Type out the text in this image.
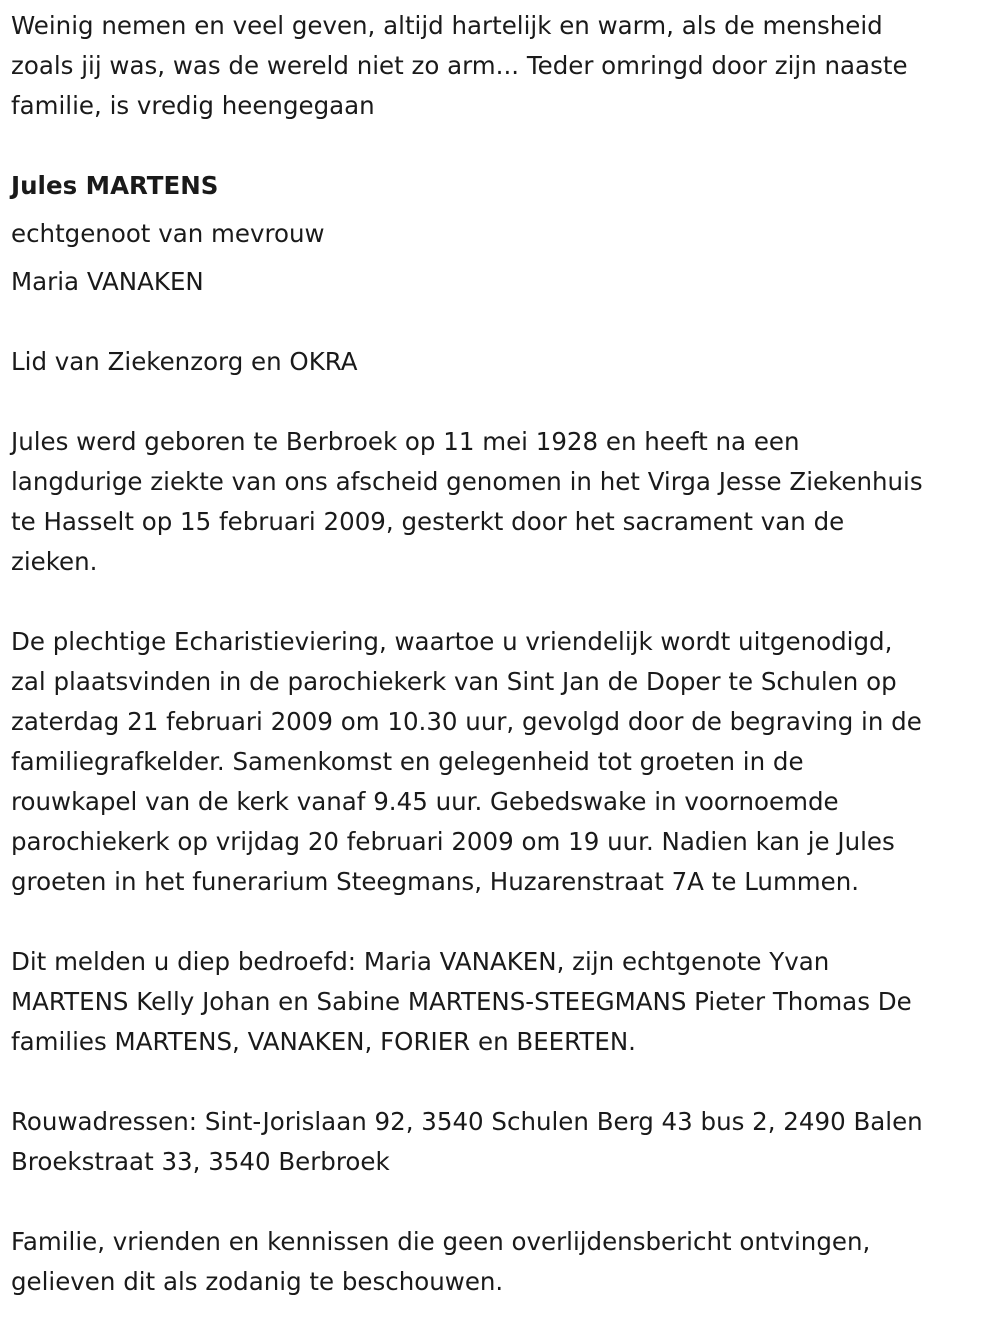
Weinig nemen en veel geven, altijd hartelijk en warm, als de mensheid
zoals jij was, was de wereld niet zo arm... Teder omringd door zijn naaste
familie, is vredig heengegaan

Jules MARTENS

echtgenoot van mevrouw

Maria VANAKEN

Lid van Ziekenzorg en OKRA

Jules werd geboren te Berbroek op 11 mei 1928 en heeft na een
langdurige ziekte van ons afscheid genomen in het Virga Jesse Ziekenhuis
te Hasselt op 15 februari 2009, gesterkt door het sacrament van de
zieken.

De plechtige Echaristieviering, waartoe u vriendelijk wordt uitgenodigd,
zal plaatsvinden in de parochiekerk van Sint Jan de Doper te Schulen op
zaterdag 21 februari 2009 om 10.30 uur, gevolgd door de begraving in de
familiegrafkelder. Samenkomst en gelegenheid tot groeten in de
rouwkapel van de kerk vanaf 9.45 uur. Gebedswake in voornoemde
parochiekerk op vrijdag 20 februari 2009 om 19 uur. Nadien kan je Jules
groeten in het funerarium Steegmans, Huzarenstraat 7A te Lummen.

Dit melden u diep bedroefd: Maria VANAKEN, zijn echtgenote Yvan
MARTENS Kelly Johan en Sabine MARTENS-STEEGMANS Pieter Thomas De
families MARTENS, VANAKEN, FORIER en BEERTEN.

Rouwadressen: Sint-Jorislaan 92, 3540 Schulen Berg 43 bus 2, 2490 Balen
Broekstraat 33, 3540 Berbroek

Familie, vrienden en kennissen die geen overlijdensbericht ontvingen,
gelieven dit als zodanig te beschouwen.
